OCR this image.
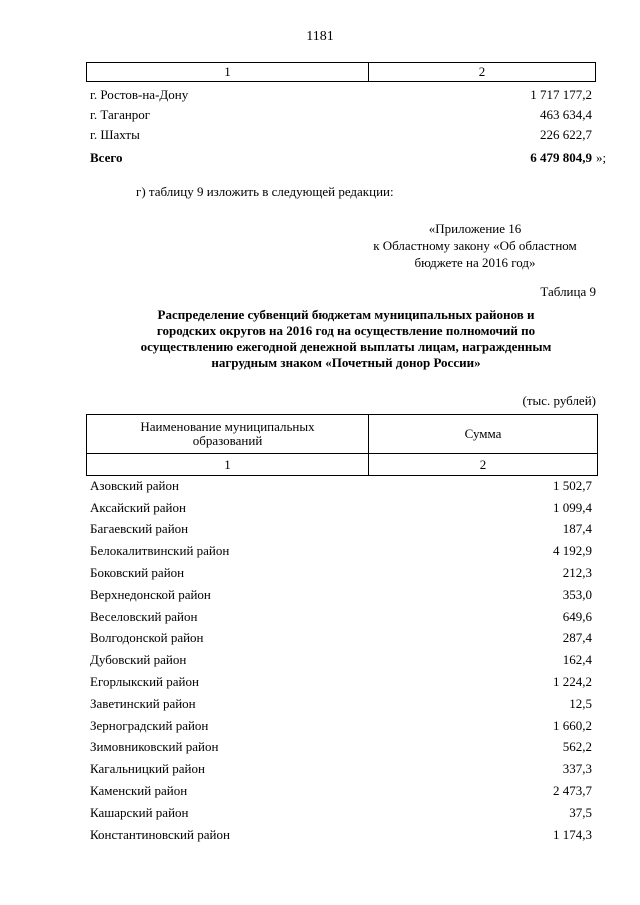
1181
1	2
г. Ростов-на-Дону	1 717 177,2
г. Таганрог	463 634,4
г. Шахты	226 622,7
Всего	6 479 804,9 »;
г) таблицу 9 изложить в следующей редакции:
«Приложение 16
к Областному закону «Об областном
бюджете на 2016 год»
Таблица 9
Распределение субвенций бюджетам муниципальных районов и
городских округов на 2016 год на осуществление полномочий по
осуществлению ежегодной денежной выплаты лицам, награжденным
нагрудным знаком «Почетный донор России»
(тыс. рублей)
Наименование муниципальных образований	Сумма
1	2
Азовский район	1 502,7
Аксайский район	1 099,4
Багаевский район	187,4
Белокалитвинский район	4 192,9
Боковский район	212,3
Верхнедонской район	353,0
Веселовский район	649,6
Волгодонской район	287,4
Дубовский район	162,4
Егорлыкский район	1 224,2
Заветинский район	12,5
Зерноградский район	1 660,2
Зимовниковский район	562,2
Кагальницкий район	337,3
Каменский район	2 473,7
Кашарский район	37,5
Константиновский район	1 174,3
